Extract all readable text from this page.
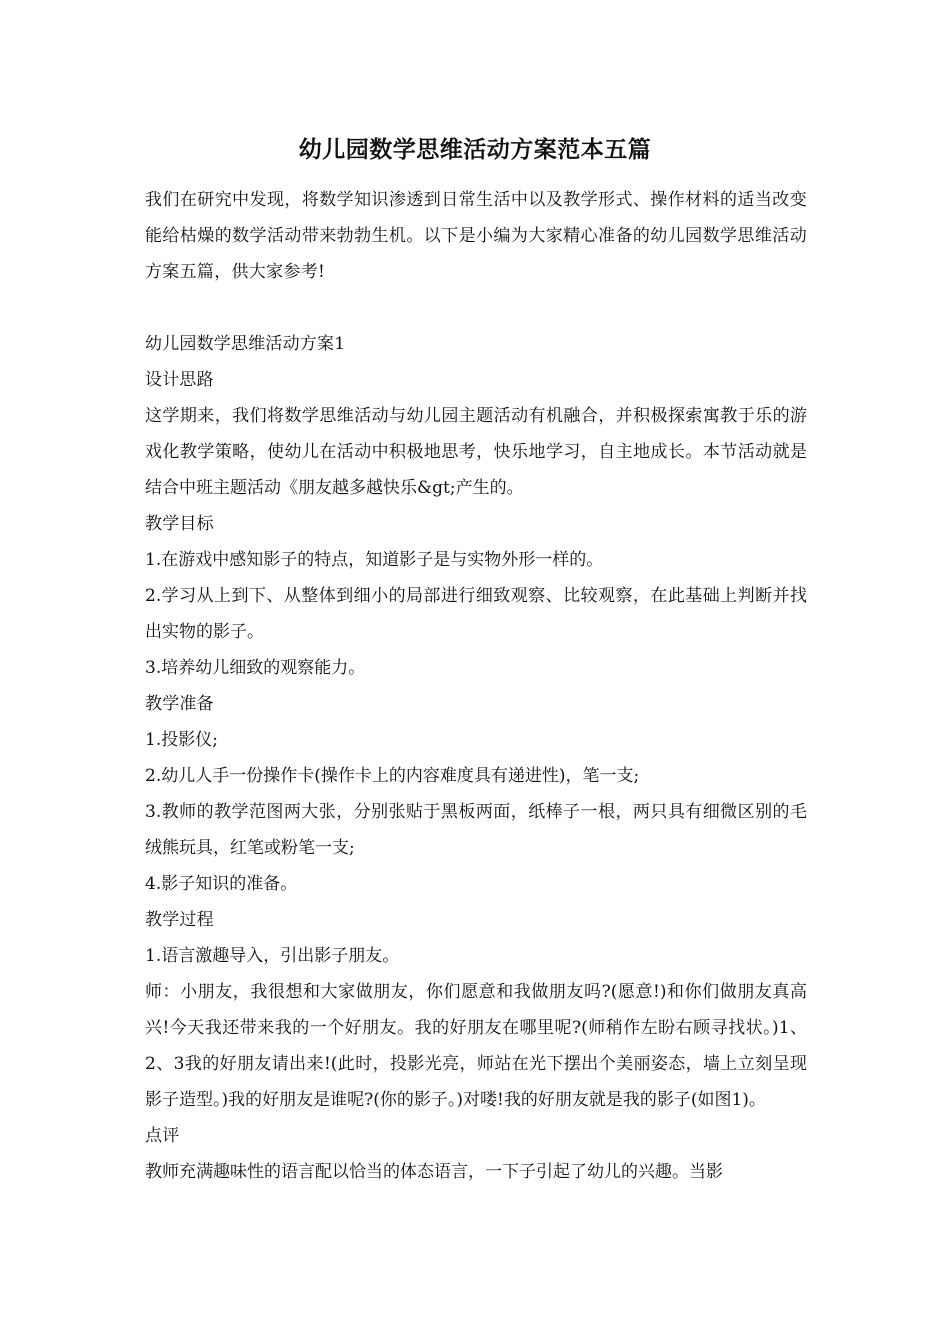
幼儿园数学思维活动方案范本五篇

我们在研究中发现，将数学知识渗透到日常生活中以及教学形式、操作材料的适当改变能给枯燥的数学活动带来勃勃生机。以下是小编为大家精心准备的幼儿园数学思维活动方案五篇，供大家参考!

幼儿园数学思维活动方案1

设计思路

这学期来，我们将数学思维活动与幼儿园主题活动有机融合，并积极探索寓教于乐的游戏化教学策略，使幼儿在活动中积极地思考，快乐地学习，自主地成长。本节活动就是结合中班主题活动《朋友越多越快乐&gt;产生的。

教学目标

1.在游戏中感知影子的特点，知道影子是与实物外形一样的。

2.学习从上到下、从整体到细小的局部进行细致观察、比较观察，在此基础上判断并找出实物的影子。

3.培养幼儿细致的观察能力。

教学准备

1.投影仪;

2.幼儿人手一份操作卡(操作卡上的内容难度具有递进性)，笔一支;

3.教师的教学范图两大张，分别张贴于黑板两面，纸棒子一根，两只具有细微区别的毛绒熊玩具，红笔或粉笔一支;

4.影子知识的准备。

教学过程

1.语言激趣导入，引出影子朋友。

师：小朋友，我很想和大家做朋友，你们愿意和我做朋友吗?(愿意!)和你们做朋友真高兴!今天我还带来我的一个好朋友。我的好朋友在哪里呢?(师稍作左盼右顾寻找状。)1、2、3我的好朋友请出来!(此时，投影光亮，师站在光下摆出个美丽姿态，墙上立刻呈现影子造型。)我的好朋友是谁呢?(你的影子。)对喽!我的好朋友就是我的影子(如图1)。

点评

教师充满趣味性的语言配以恰当的体态语言，一下子引起了幼儿的兴趣。当影
